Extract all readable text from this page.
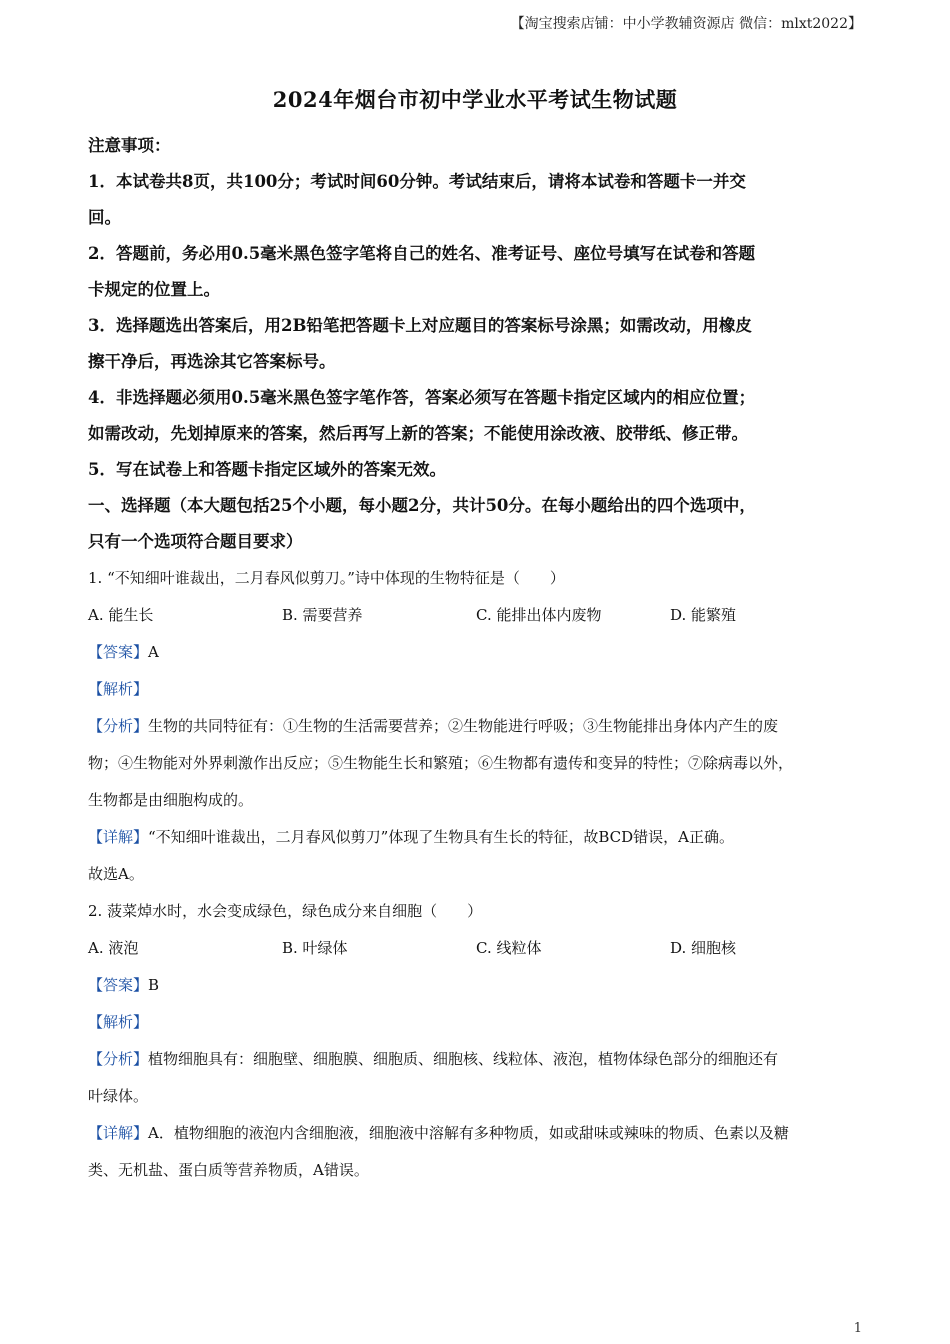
【淘宝搜索店铺：中小学教辅资源店 微信：mlxt2022】
2024年烟台市初中学业水平考试生物试题

注意事项：

1．本试卷共8页，共100分；考试时间60分钟。考试结束后，请将本试卷和答题卡一并交

回。

2．答题前，务必用0.5毫米黑色签字笔将自己的姓名、准考证号、座位号填写在试卷和答题

卡规定的位置上。

3．选择题选出答案后，用2B铅笔把答题卡上对应题目的答案标号涂黑；如需改动，用橡皮

擦干净后，再选涂其它答案标号。

4．非选择题必须用0.5毫米黑色签字笔作答，答案必须写在答题卡指定区域内的相应位置；

如需改动，先划掉原来的答案，然后再写上新的答案；不能使用涂改液、胶带纸、修正带。

5．写在试卷上和答题卡指定区域外的答案无效。

一、选择题（本大题包括25个小题，每小题2分，共计50分。在每小题给出的四个选项中，

只有一个选项符合题目要求）

1. “不知细叶谁裁出，二月春风似剪刀。”诗中体现的生物特征是（　　）

A. 能生长	B. 需要营养	C. 能排出体内废物	D. 能繁殖

【答案】A

【解析】

【分析】生物的共同特征有：①生物的生活需要营养；②生物能进行呼吸；③生物能排出身体内产生的废

物；④生物能对外界刺激作出反应；⑤生物能生长和繁殖；⑥生物都有遗传和变异的特性；⑦除病毒以外，

生物都是由细胞构成的。

【详解】“不知细叶谁裁出，二月春风似剪刀”体现了生物具有生长的特征，故BCD错误，A正确。

故选A。

2. 菠菜焯水时，水会变成绿色，绿色成分来自细胞（　　）

A. 液泡	B. 叶绿体	C. 线粒体	D. 细胞核

【答案】B

【解析】

【分析】植物细胞具有：细胞壁、细胞膜、细胞质、细胞核、线粒体、液泡，植物体绿色部分的细胞还有

叶绿体。

【详解】A．植物细胞的液泡内含细胞液，细胞液中溶解有多种物质，如或甜味或辣味的物质、色素以及糖

类、无机盐、蛋白质等营养物质，A错误。

1
